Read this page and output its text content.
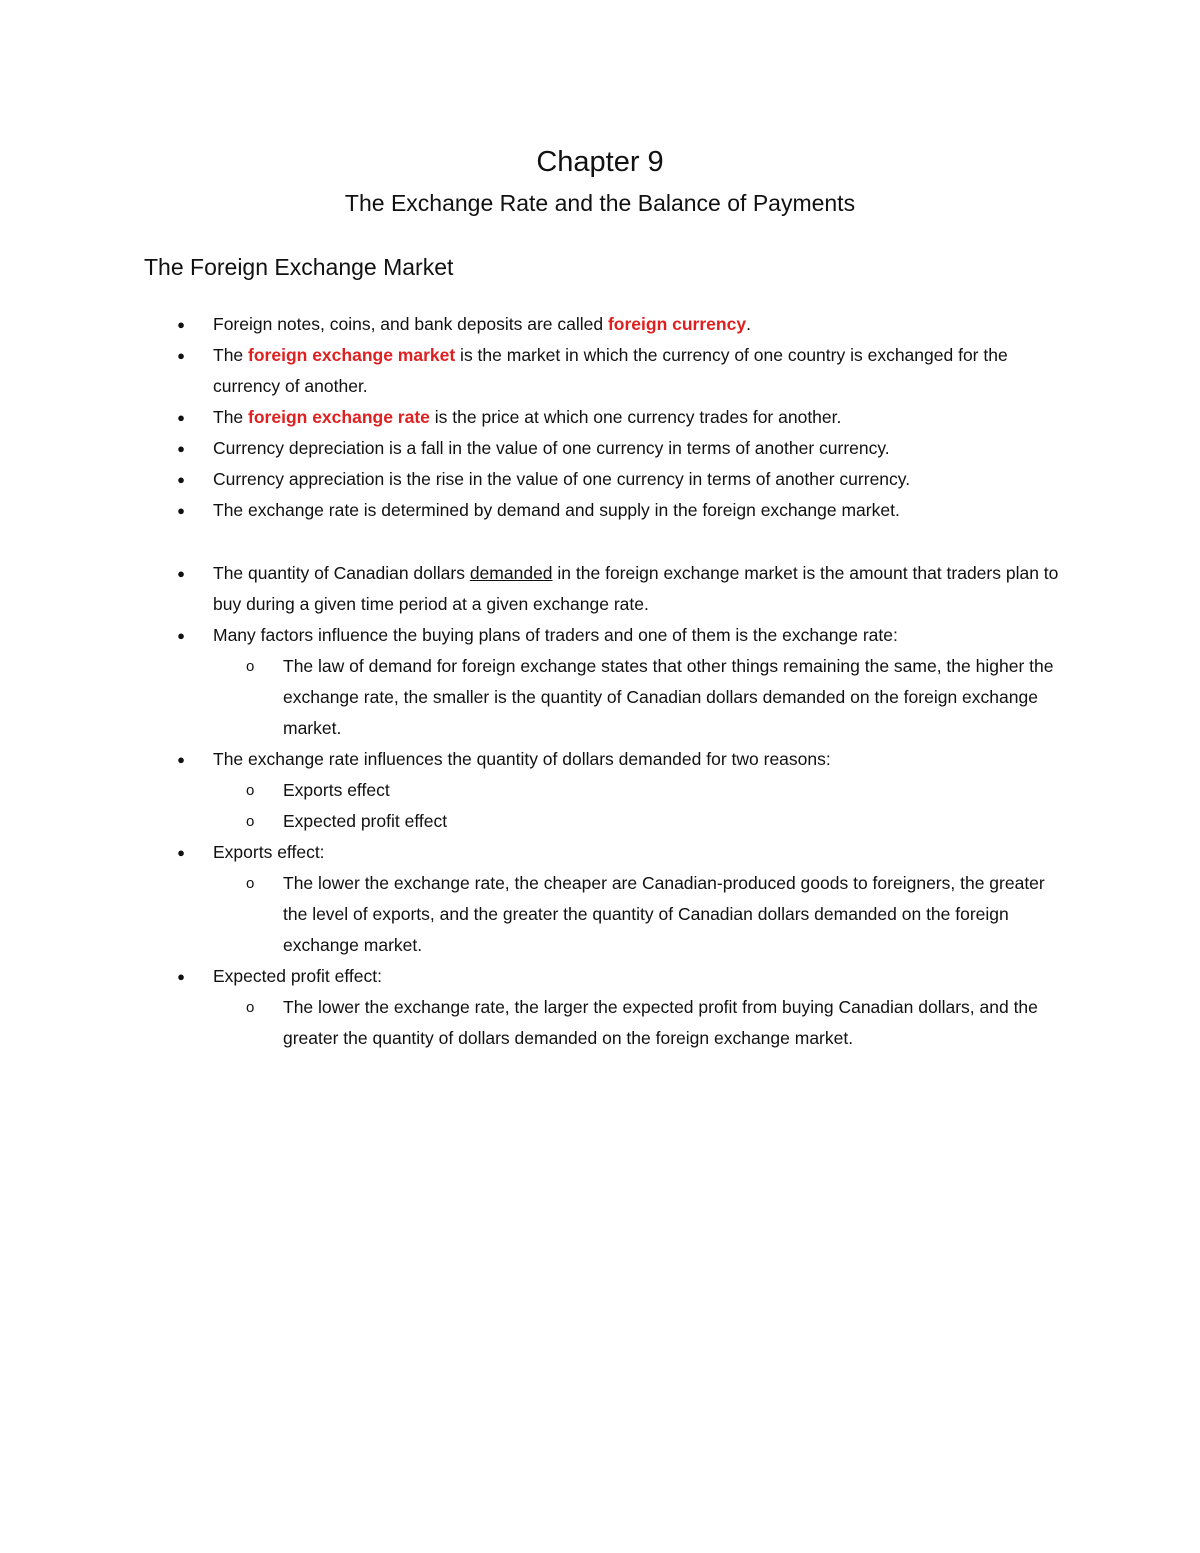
Chapter 9
The Exchange Rate and the Balance of Payments
The Foreign Exchange Market
● Foreign notes, coins, and bank deposits are called foreign currency.
● The foreign exchange market is the market in which the currency of one country is exchanged for the currency of another.
● The foreign exchange rate is the price at which one currency trades for another.
● Currency depreciation is a fall in the value of one currency in terms of another currency.
● Currency appreciation is the rise in the value of one currency in terms of another currency.
● The exchange rate is determined by demand and supply in the foreign exchange market.
● The quantity of Canadian dollars demanded in the foreign exchange market is the amount that traders plan to buy during a given time period at a given exchange rate.
● Many factors influence the buying plans of traders and one of them is the exchange rate:
o The law of demand for foreign exchange states that other things remaining the same, the higher the exchange rate, the smaller is the quantity of Canadian dollars demanded on the foreign exchange market.
● The exchange rate influences the quantity of dollars demanded for two reasons:
o Exports effect
o Expected profit effect
● Exports effect:
o The lower the exchange rate, the cheaper are Canadian-produced goods to foreigners, the greater the level of exports, and the greater the quantity of Canadian dollars demanded on the foreign exchange market.
● Expected profit effect:
o The lower the exchange rate, the larger the expected profit from buying Canadian dollars, and the greater the quantity of dollars demanded on the foreign exchange market.
